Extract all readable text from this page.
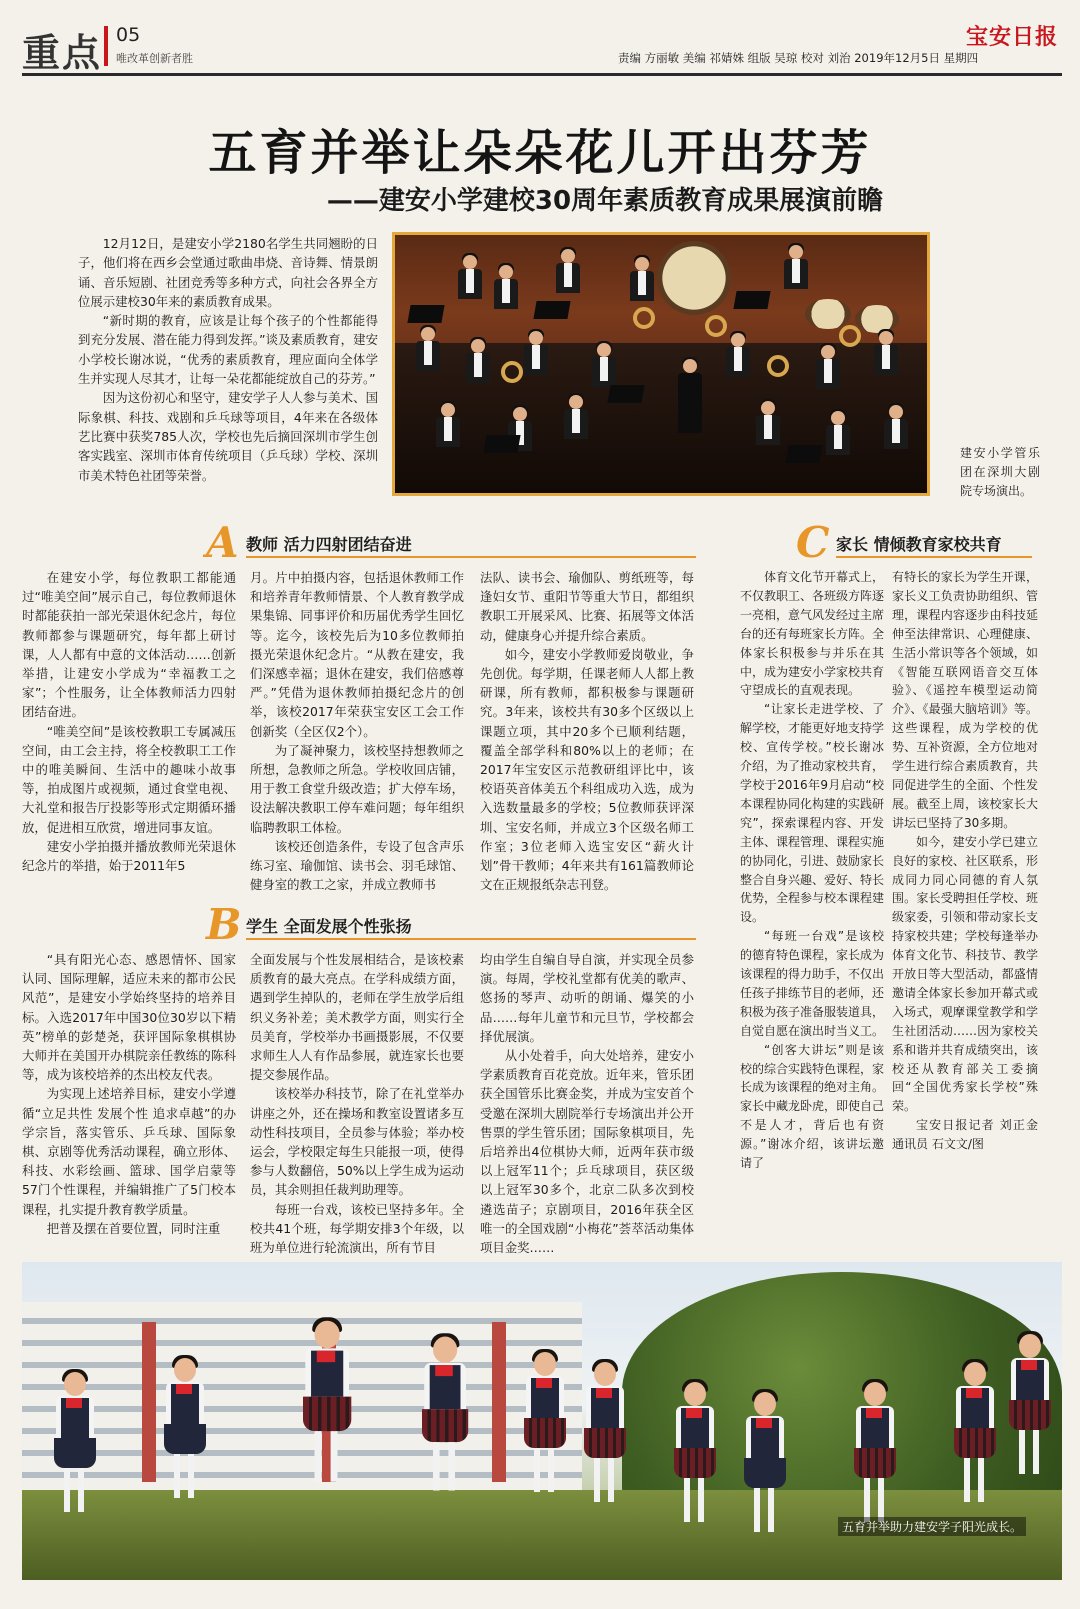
重点 05
唯改革创新者胜	责编 方丽敏 美编 祁婧姝 组版 吴琼 校对 刘治 2019年12月5日 星期四
宝安日报
五育并举让朵朵花儿开出芬芳
——建安小学建校30周年素质教育成果展演前瞻

12月12日，是建安小学2180名学生共同翘盼的日子，他们将在西乡会堂通过歌曲串烧、音诗舞、情景朗诵、音乐短剧、社团竞秀等多种方式，向社会各界全方位展示建校30年来的素质教育成果。

“新时期的教育，应该是让每个孩子的个性都能得到充分发展、潜在能力得到发挥。”谈及素质教育，建安小学校长谢冰说，“优秀的素质教育，理应面向全体学生并实现人尽其才，让每一朵花都能绽放自己的芬芳。”

因为这份初心和坚守，建安学子人人参与美术、国际象棋、科技、戏剧和乒乓球等项目，4年来在各级体艺比赛中获奖785人次，学校也先后摘回深圳市学生创客实践室、深圳市体育传统项目（乒乓球）学校、深圳市美术特色社团等荣誉。

建安小学管乐团在深圳大剧院专场演出。
A 教师 活力四射团结奋进

在建安小学，每位教职工都能通过“唯美空间”展示自己，每位教师退休时都能获拍一部光荣退休纪念片，每位教师都参与课题研究，每年都上研讨课，人人都有中意的文体活动……创新举措，让建安小学成为“幸福教工之家”；个性服务，让全体教师活力四射团结奋进。

“唯美空间”是该校教职工专属减压空间，由工会主持，将全校教职工工作中的唯美瞬间、生活中的趣味小故事等，拍成图片或视频，通过食堂电视、大礼堂和报告厅投影等形式定期循环播放，促进相互欣赏，增进同事友谊。

建安小学拍摄并播放教师光荣退休纪念片的举措，始于2011年5

月。片中拍摄内容，包括退休教师工作和培养青年教师情景、个人教育教学成果集锦、同事评价和历届优秀学生回忆等。迄今，该校先后为10多位教师拍摄光荣退休纪念片。“从教在建安，我们深感幸福；退休在建安，我们倍感尊严。”凭借为退休教师拍摄纪念片的创举，该校2017年荣获宝安区工会工作创新奖（全区仅2个）。

为了凝神聚力，该校坚持想教师之所想，急教师之所急。学校收回店铺，用于教工食堂升级改造；扩大停车场，设法解决教职工停车难问题；每年组织临聘教职工体检。

该校还创造条件，专设了包含声乐练习室、瑜伽馆、读书会、羽毛球馆、健身室的教工之家，并成立教师书

法队、读书会、瑜伽队、剪纸班等，每逢妇女节、重阳节等重大节日，都组织教职工开展采风、比赛、拓展等文体活动，健康身心并提升综合素质。

如今，建安小学教师爱岗敬业，争先创优。每学期，任课老师人人都上教研课，所有教师，都积极参与课题研究。3年来，该校共有30多个区级以上课题立项，其中20多个已顺利结题，覆盖全部学科和80%以上的老师；在2017年宝安区示范教研组评比中，该校语英音体美五个科组成功入选，成为入选数量最多的学校；5位教师获评深圳、宝安名师，并成立3个区级名师工作室；3位老师入选宝安区“薪火计划”骨干教师；4年来共有161篇教师论文在正规报纸杂志刊登。

B 学生 全面发展个性张扬

“具有阳光心态、感恩情怀、国家认同、国际理解，适应未来的都市公民风范”，是建安小学始终坚持的培养目标。入选2017年中国30位30岁以下精英”榜单的彭楚尧，获评国际象棋棋协大师并在美国开办棋院亲任教练的陈科等，成为该校培养的杰出校友代表。

为实现上述培养目标，建安小学遵循“立足共性 发展个性 追求卓越”的办学宗旨，落实管乐、乒乓球、国际象棋、京剧等优秀活动课程，确立形体、科技、水彩绘画、篮球、国学启蒙等57门个性课程，并编辑推广了5门校本课程，扎实提升教育教学质量。

把普及摆在首要位置，同时注重

全面发展与个性发展相结合，是该校素质教育的最大亮点。在学科成绩方面，遇到学生掉队的，老师在学生放学后组织义务补差；美术教学方面，则实行全员美育，学校举办书画摄影展，不仅要求师生人人有作品参展，就连家长也要提交参展作品。

该校举办科技节，除了在礼堂举办讲座之外，还在操场和教室设置诸多互动性科技项目，全员参与体验；举办校运会，学校限定每生只能报一项，使得参与人数翻倍，50%以上学生成为运动员，其余则担任裁判助理等。

每班一台戏，该校已坚持多年。全校共41个班，每学期安排3个年级，以班为单位进行轮流演出，所有节目

均由学生自编自导自演，并实现全员参演。每周，学校礼堂都有优美的歌声、悠扬的琴声、动听的朗诵、爆笑的小品……每年儿童节和元旦节，学校都会择优展演。

从小处着手，向大处培养，建安小学素质教育百花竞放。近年来，管乐团获全国管乐比赛金奖，并成为宝安首个受邀在深圳大剧院举行专场演出并公开售票的学生管乐团；国际象棋项目，先后培养出4位棋协大师，近两年获市级以上冠军11个；乒乓球项目，获区级以上冠军30多个，北京二队多次到校遴选苗子；京剧项目，2016年获全区唯一的全国戏剧“小梅花”荟萃活动集体项目金奖……

C 家长 情倾教育家校共育

体育文化节开幕式上，不仅教职工、各班级方阵逐一亮相，意气风发经过主席台的还有每班家长方阵。全体家长积极参与并乐在其中，成为建安小学家校共育守望成长的直观表现。

“让家长走进学校、了解学校，才能更好地支持学校、宣传学校。”校长谢冰介绍，为了推动家校共育，学校于2016年9月启动“校本课程协同化构建的实践研究”，探索课程内容、开发主体、课程管理、课程实施的协同化，引进、鼓励家长整合自身兴趣、爱好、特长优势，全程参与校本课程建设。

“每班一台戏”是该校的德育特色课程，家长成为该课程的得力助手，不仅出任孩子排练节目的老师，还积极为孩子准备服装道具，自觉自愿在演出时当义工。

“创客大讲坛”则是该校的综合实践特色课程，家长成为该课程的绝对主角。家长中藏龙卧虎，即使自己不是人才，背后也有资源。”谢冰介绍，该讲坛邀请了

有特长的家长为学生开课，家长义工负责协助组织、管理，课程内容逐步由科技延伸至法律常识、心理健康、生活小常识等各个领域，如《智能互联网语音交互体验》、《遥控车模型运动简介》、《最强大脑培训》等。这些课程，成为学校的优势、互补资源，全方位地对学生进行综合素质教育，共同促进学生的全面、个性发展。截至上周，该校家长大讲坛已坚持了30多期。

如今，建安小学已建立良好的家校、社区联系，形成同力同心同德的育人氛围。家长受聘担任学校、班级家委，引领和带动家长支持家校共建；学校每逢举办体育文化节、科技节、教学开放日等大型活动，都盛情邀请全体家长参加开幕式或入场式，观摩课堂教学和学生社团活动……因为家校关系和谐并共育成绩突出，该校还从教育部关工委摘回“全国优秀家长学校”殊荣。

宝安日报记者 刘正金 通讯员 石文文/图

五育并举助力建安学子阳光成长。
